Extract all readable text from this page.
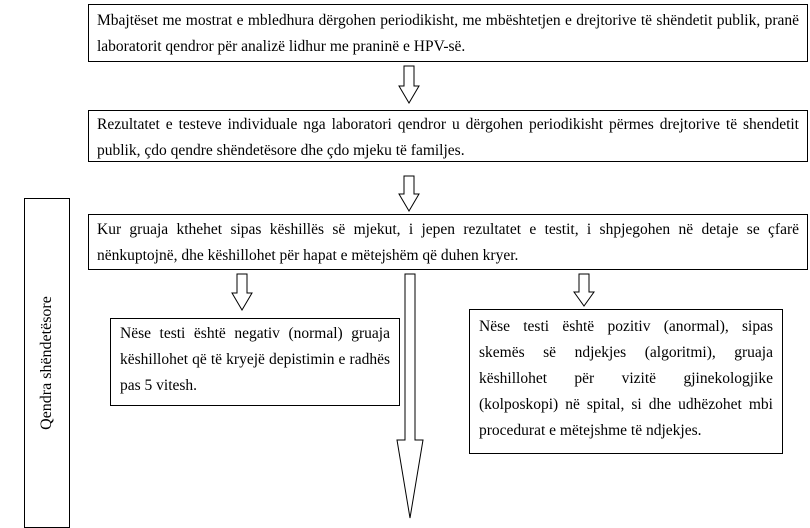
Mbajtëset me mostrat e mbledhura dërgohen periodikisht, me mbështetjen e drejtorive të shëndetit publik, pranë laboratorit qendror për analizë lidhur me praninë e HPV-së.

Rezultatet e testeve individuale nga laboratori qendror u dërgohen periodikisht përmes drejtorive të shendetit publik, çdo qendre shëndetësore dhe çdo mjeku të familjes.

Kur gruaja kthehet sipas këshillës së mjekut, i jepen rezultatet e testit, i shpjegohen në detaje se çfarë nënkuptojnë, dhe këshillohet për hapat e mëtejshëm që duhen kryer.

Nëse testi është negativ (normal) gruaja këshillohet që të kryejë depistimin e radhës pas 5 vitesh.

Nëse testi është pozitiv (anormal), sipas skemës së ndjekjes (algoritmi), gruaja këshillohet për vizitë gjinekologjike (kolposkopi) në spital, si dhe udhëzohet mbi procedurat e mëtejshme të ndjekjes.

Qendra shëndetësore
